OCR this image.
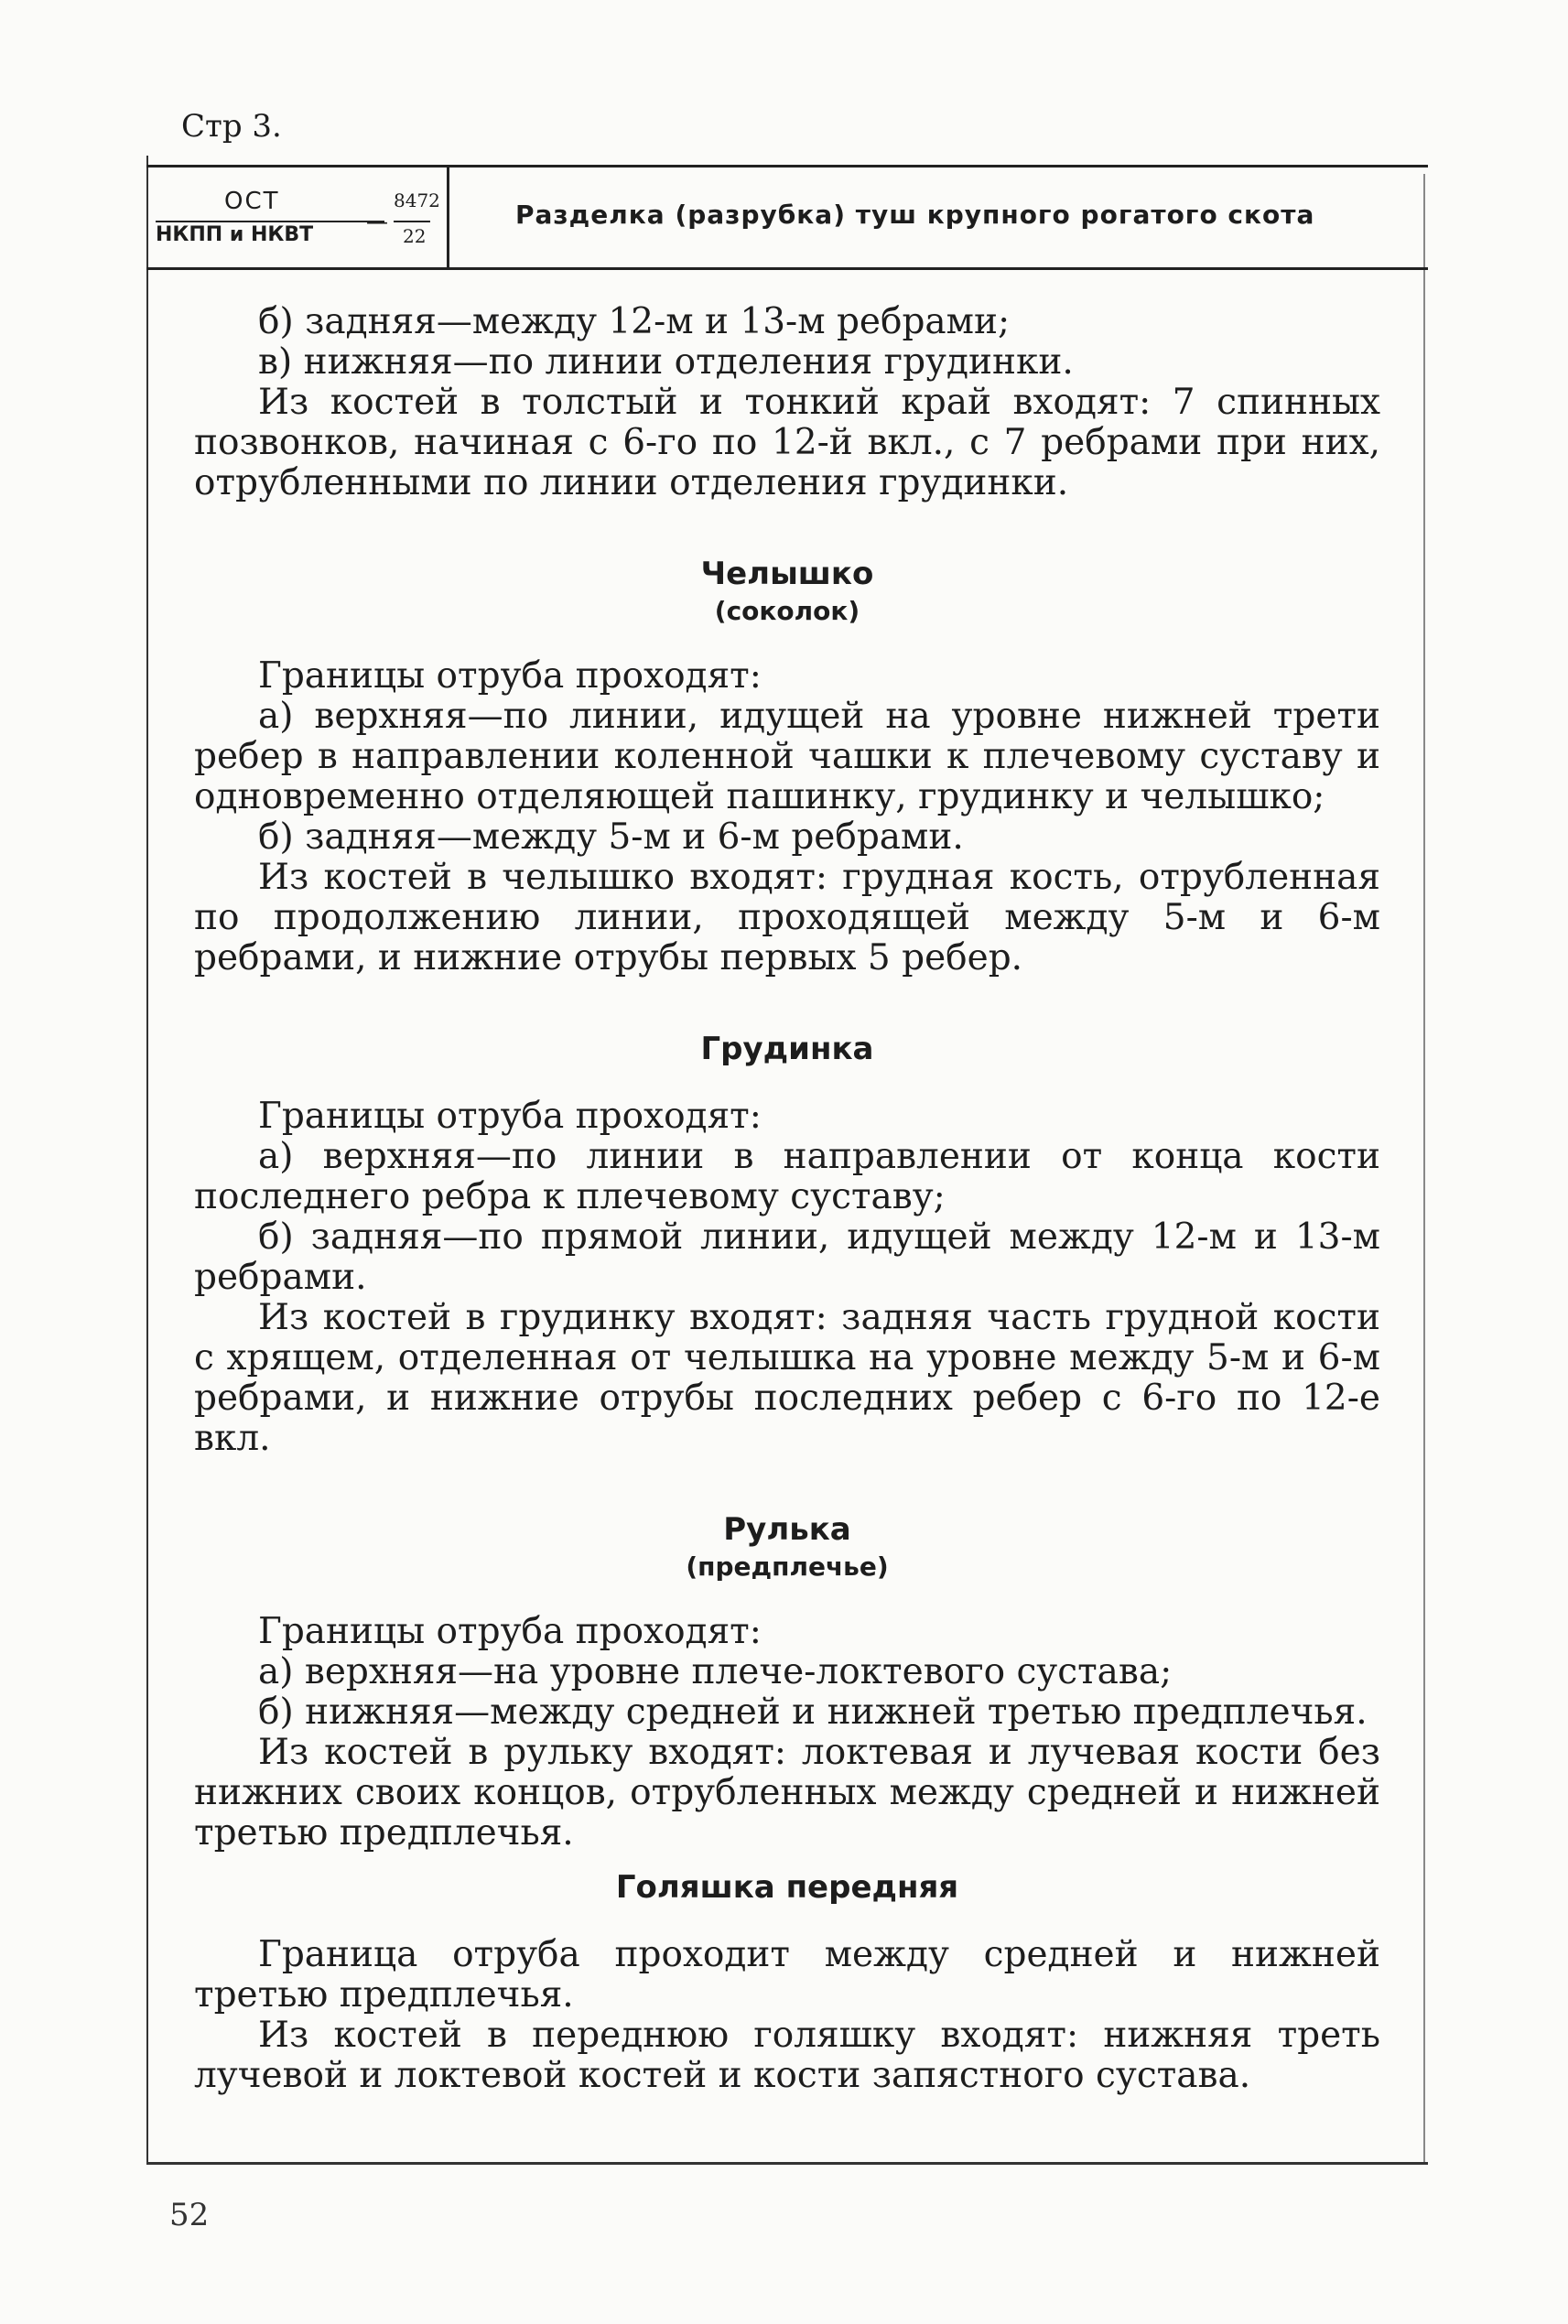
Стр 3.
ОСТ	8472
—
НКПП и НКВТ	22
Разделка (разрубка) туш крупного рогатого скота

б) задняя—между 12-м и 13-м ребрами;

в) нижняя—по линии отделения грудинки.

Из костей в толстый и тонкий край входят: 7 спинных позвонков, начиная с 6-го по 12-й вкл., с 7 ребрами при них, отрубленными по линии отделения грудинки.

Челышко

(соколок)

Границы отруба проходят:

а) верхняя—по линии, идущей на уровне нижней трети ребер в направлении коленной чашки к плечевому суставу и одновременно отделяющей пашинку, грудинку и челышко;

б) задняя—между 5-м и 6-м ребрами.

Из костей в челышко входят: грудная кость, отрубленная по продолжению линии, проходящей между 5-м и 6-м ребрами, и нижние отрубы первых 5 ребер.

Грудинка

Границы отруба проходят:

а) верхняя—по линии в направлении от конца кости последнего ребра к плечевому суставу;

б) задняя—по прямой линии, идущей между 12-м и 13-м ребрами.

Из костей в грудинку входят: задняя часть грудной кости с хрящем, отделенная от челышка на уровне между 5-м и 6-м ребрами, и нижние отрубы последних ребер с 6-го по 12-е вкл.

Рулька

(предплечье)

Границы отруба проходят:

а) верхняя—на уровне плече-локтевого сустава;

б) нижняя—между средней и нижней третью предплечья.

Из костей в рульку входят: локтевая и лучевая кости без нижних своих концов, отрубленных между средней и нижней третью предплечья.

Голяшка передняя

Граница отруба проходит между средней и нижней третью предплечья.

Из костей в переднюю голяшку входят: нижняя треть лучевой и локтевой костей и кости запястного сустава.

52
